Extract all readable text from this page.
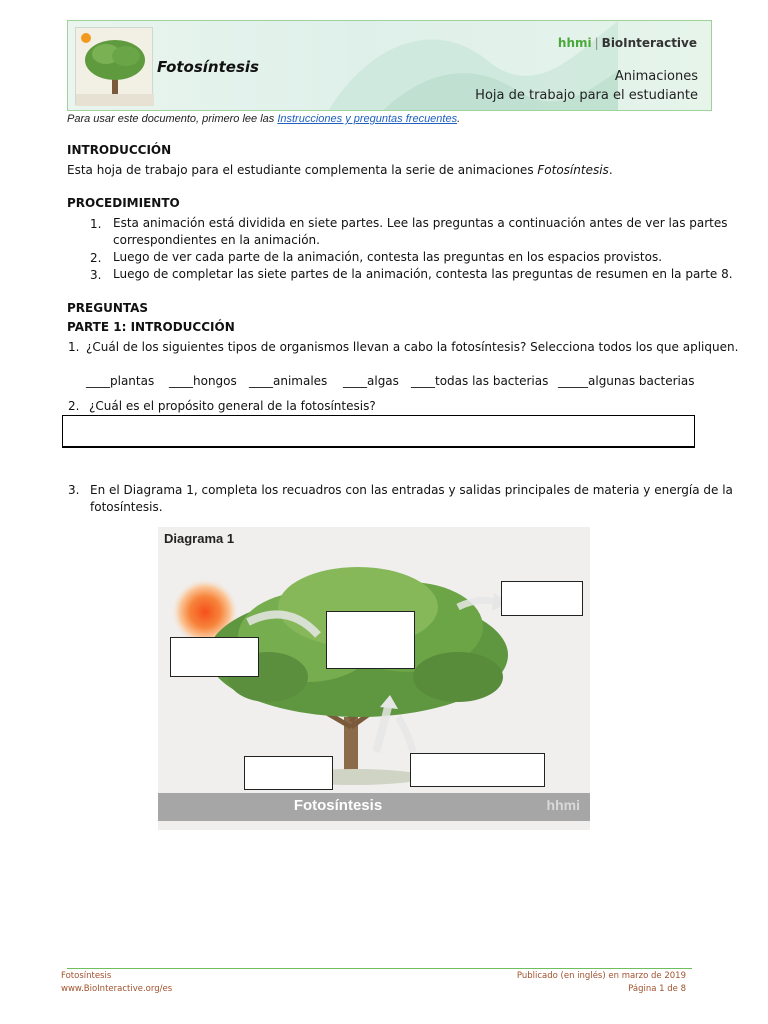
Fotosíntesis
hhmi | BioInteractive
Animaciones
Hoja de trabajo para el estudiante
Para usar este documento, primero lee las Instrucciones y preguntas frecuentes.
INTRODUCCIÓN
Esta hoja de trabajo para el estudiante complementa la serie de animaciones Fotosíntesis.
PROCEDIMIENTO
1. Esta animación está dividida en siete partes. Lee las preguntas a continuación antes de ver las partes
correspondientes en la animación.
2. Luego de ver cada parte de la animación, contesta las preguntas en los espacios provistos.
3. Luego de completar las siete partes de la animación, contesta las preguntas de resumen en la parte 8.
PREGUNTAS
PARTE 1: INTRODUCCIÓN
1. ¿Cuál de los siguientes tipos de organismos llevan a cabo la fotosíntesis? Selecciona todos los que apliquen.
____plantas ____hongos ____animales ____algas ____todas las bacterias _____algunas bacterias
2. ¿Cuál es el propósito general de la fotosíntesis?
3. En el Diagrama 1, completa los recuadros con las entradas y salidas principales de materia y energía de la
fotosíntesis.
Diagrama 1
Fotosíntesis	hhmi
Fotosíntesis
www.BioInteractive.org/es
Publicado (en inglés) en marzo de 2019
Página 1 de 8
